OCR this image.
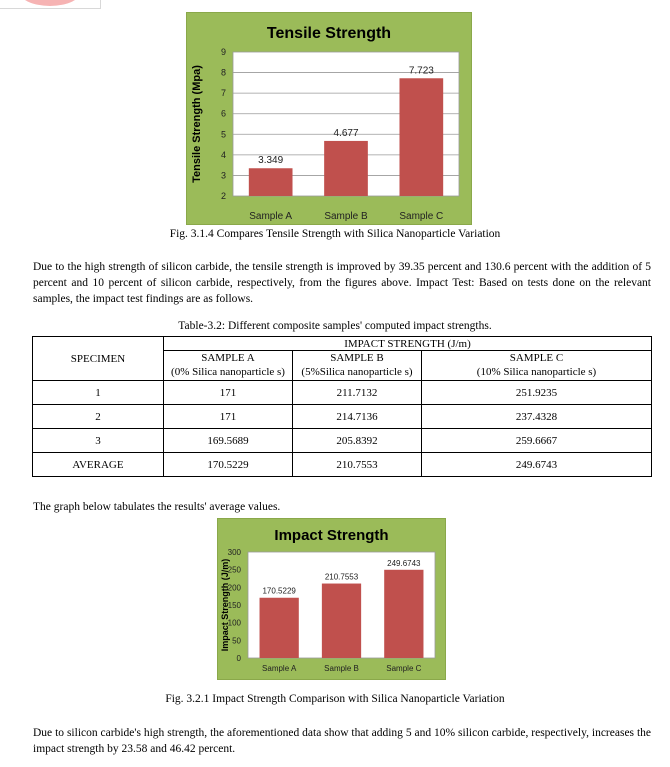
Tensile Strength
2
3
4
5
6
7
8
9
Tensile Strength (Mpa)	3.349
Sample A
4.677
Sample B
7.723
Sample C
Fig. 3.1.4 Compares Tensile Strength with Silica Nanoparticle Variation
Due to the high strength of silicon carbide, the tensile strength is improved by 39.35 percent and 130.6 percent with the addition of 5 percent and 10 percent of silicon carbide, respectively, from the figures above. Impact Test: Based on tests done on the relevant samples, the impact test findings are as follows.
Table-3.2: Different composite samples' computed impact strengths.
SPECIMEN	IMPACT STRENGTH (J/m)		
	SAMPLE A	SAMPLE B	SAMPLE C
	(0% Silica nanoparticle s)	(5%Silica nanoparticle s)	(10% Silica nanoparticle s)
1	171	211.7132	251.9235
2	171	214.7136	237.4328
3	169.5689	205.8392	259.6667
AVERAGE	170.5229	210.7553	249.6743
The graph below tabulates the results' average values.
Impact Strength
0
50
100
150
200
250
300
Impact Strength (J/m)	170.5229
Sample A
210.7553
Sample B
249.6743
Sample C
Fig. 3.2.1 Impact Strength Comparison with Silica Nanoparticle Variation
Due to silicon carbide's high strength, the aforementioned data show that adding 5 and 10% silicon carbide, respectively, increases the impact strength by 23.58 and 46.42 percent.
